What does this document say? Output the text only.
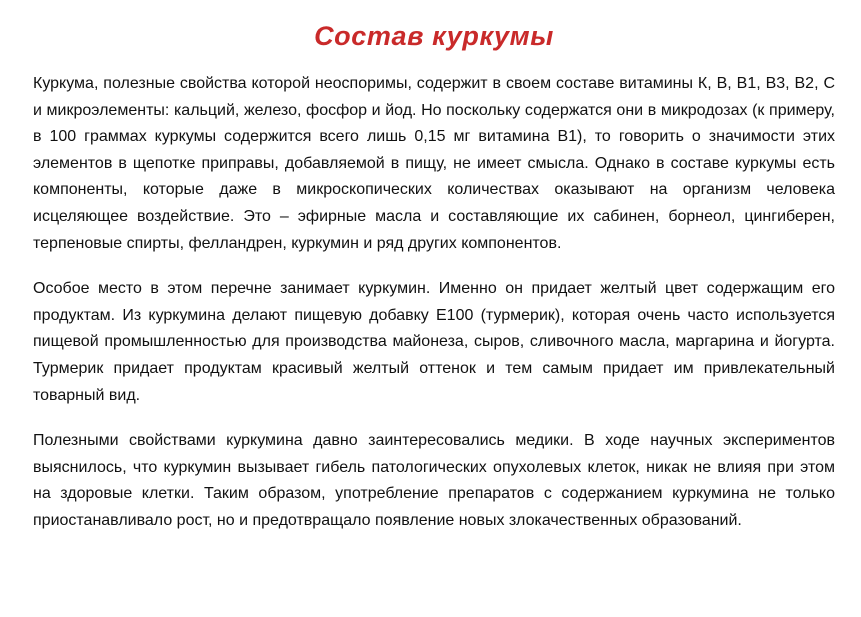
Состав куркумы

Куркума, полезные свойства которой неоспоримы, содержит в своем составе витамины К, В, В1, В3, В2, С и микроэлементы: кальций, железо, фосфор и йод. Но поскольку содержатся они в микродозах (к примеру, в 100 граммах куркумы содержится всего лишь 0,15 мг витамина В1), то говорить о значимости этих элементов в щепотке приправы, добавляемой в пищу, не имеет смысла. Однако в составе куркумы есть компоненты, которые даже в микроскопических количествах оказывают на организм человека исцеляющее воздействие. Это – эфирные масла и составляющие их сабинен, борнеол, цингиберен, терпеновые спирты, фелландрен, куркумин и ряд других компонентов.

Особое место в этом перечне занимает куркумин. Именно он придает желтый цвет содержащим его продуктам. Из куркумина делают пищевую добавку Е100 (турмерик), которая очень часто используется пищевой промышленностью для производства майонеза, сыров, сливочного масла, маргарина и йогурта. Турмерик придает продуктам красивый желтый оттенок и тем самым придает им привлекательный товарный вид.

Полезными свойствами куркумина давно заинтересовались медики. В ходе научных экспериментов выяснилось, что куркумин вызывает гибель патологических опухолевых клеток, никак не влияя при этом на здоровые клетки. Таким образом, употребление препаратов с содержанием куркумина не только приостанавливало рост, но и предотвращало появление новых злокачественных образований.
